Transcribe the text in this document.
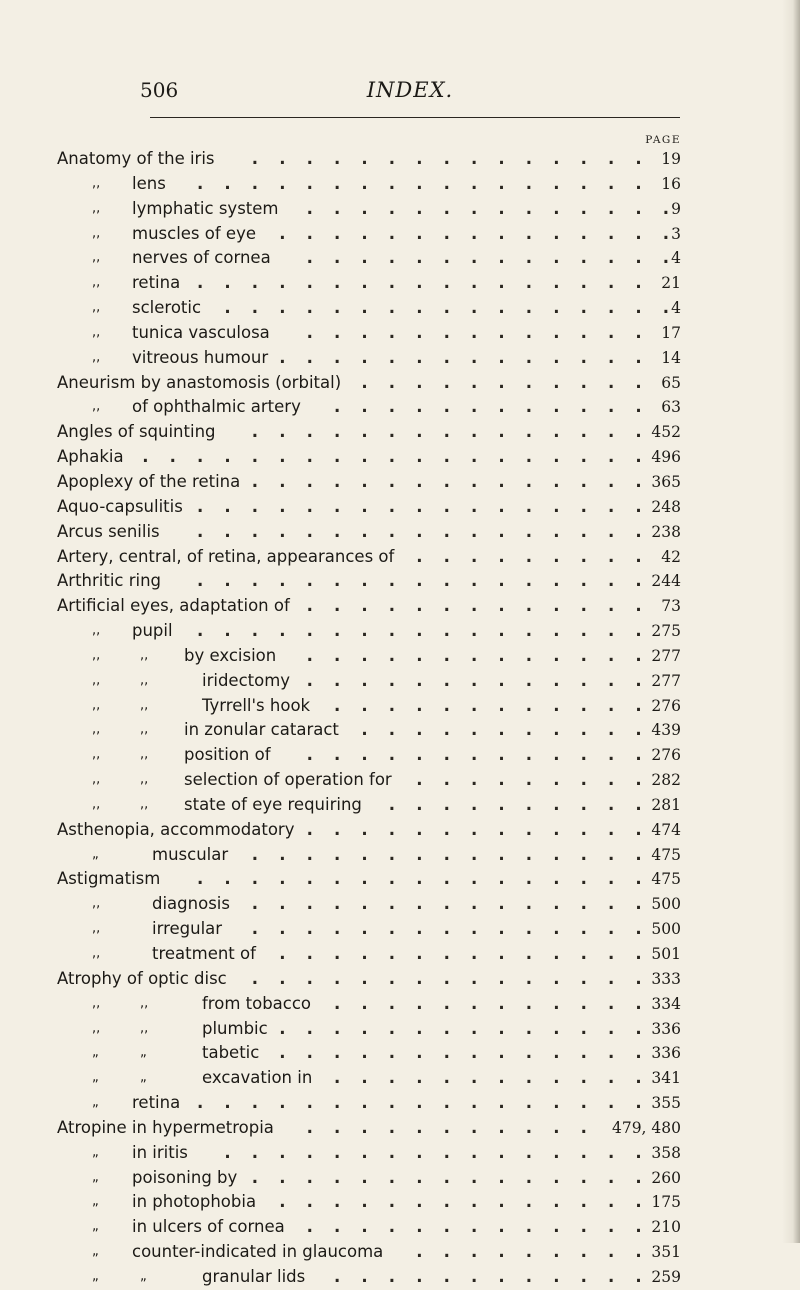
506	INDEX.
PAGE
Anatomy of the iris	19
. . . . . . . . . . . . . . .
,, lens	16
. . . . . . . . . . . . . . . . .
,, lymphatic system	9
. . . . . . . . . . . . . .
,, muscles of eye	3
. . . . . . . . . . . . . . .
,, nerves of cornea	4
. . . . . . . . . . . . . .
,, retina	21
. . . . . . . . . . . . . . . . .
,, sclerotic	4
. . . . . . . . . . . . . . . . .
,, tunica vasculosa	17
. . . . . . . . . . . . .
,, vitreous humour	14
. . . . . . . . . . . . . .
Aneurism by anastomosis (orbital)	65
. . . . . . . . . . .
,, of ophthalmic artery	63
. . . . . . . . . . . .
Angles of squinting	452
. . . . . . . . . . . . . . .
Aphakia	496
. . . . . . . . . . . . . . . . . . .
Apoplexy of the retina	365
. . . . . . . . . . . . . . .
Aquo-capsulitis	248
. . . . . . . . . . . . . . . . .
Arcus senilis	238
. . . . . . . . . . . . . . . . .
Artery, central, of retina, appearances of	42
. . . . . . . . .
Arthritic ring	244
. . . . . . . . . . . . . . . . .
Artificial eyes, adaptation of	73
. . . . . . . . . . . . .
,, pupil	275
. . . . . . . . . . . . . . . . .
,,	,, by excision	277
. . . . . . . . . . . . .
,,	,,	iridectomy	277
. . . . . . . . . . . . .
,,	,,	Tyrrell's hook	276
. . . . . . . . . . . .
,,	,, in zonular cataract	439
. . . . . . . . . . .
,,	,, position of	276
. . . . . . . . . . . . .
,,	,, selection of operation for	282
. . . . . . . . .
,,	,, state of eye requiring	281
. . . . . . . . . .
Asthenopia, accommodatory	474
. . . . . . . . . . . . .
„	muscular	475
. . . . . . . . . . . . . . .
Astigmatism	475
. . . . . . . . . . . . . . . . .
,,	diagnosis	500
. . . . . . . . . . . . . . .
,,	irregular	500
. . . . . . . . . . . . . . .
,,	treatment of	501
. . . . . . . . . . . . . .
Atrophy of optic disc	333
. . . . . . . . . . . . . . .
,,	,,	from tobacco	334
. . . . . . . . . . . .
,,	,,	plumbic	336
. . . . . . . . . . . . . .
„	„	tabetic	336
. . . . . . . . . . . . . .
„	„	excavation in	341
. . . . . . . . . . . .
„ retina	355
. . . . . . . . . . . . . . . . .
Atropine in hypermetropia	479, 480
. . . . . . . . . . .
„ in iritis	358
. . . . . . . . . . . . . . . .
„ poisoning by	260
. . . . . . . . . . . . . . .
„ in photophobia	175
. . . . . . . . . . . . . .
„ in ulcers of cornea	210
. . . . . . . . . . . . .
„ counter-indicated in glaucoma	351
. . . . . . . . .
„	„	granular lids	259
. . . . . . . . . . . .
